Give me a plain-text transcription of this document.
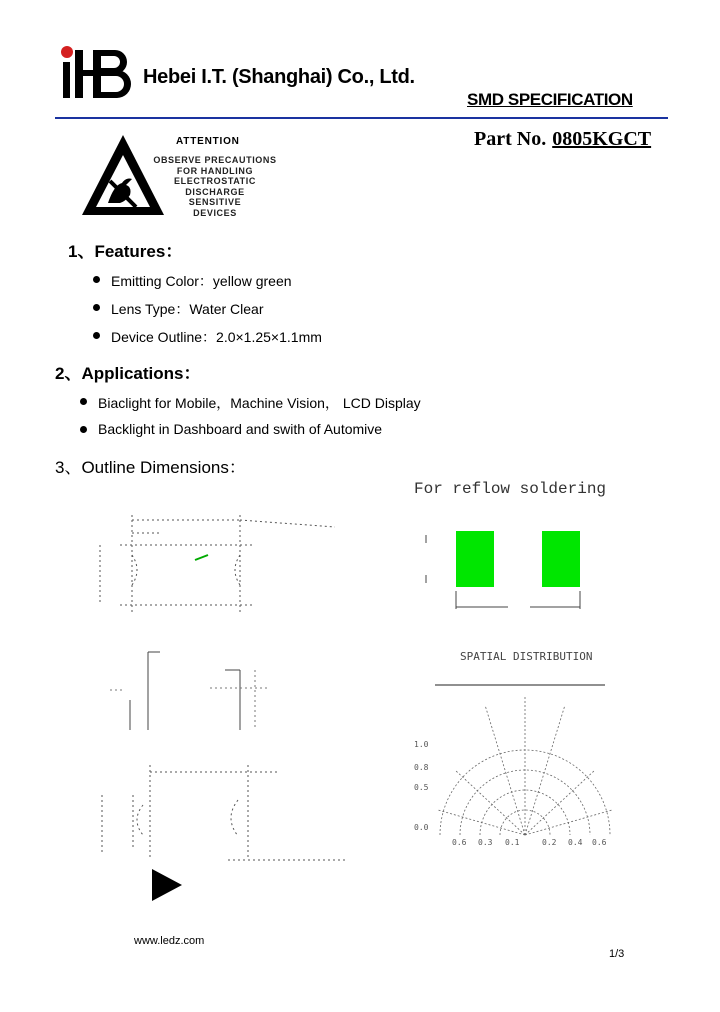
Hebei I.T. (Shanghai) Co., Ltd.
SMD SPECIFICATION
Part No. 0805KGCT
ATTENTION
OBSERVE PRECAUTIONS
FOR HANDLING
ELECTROSTATIC
DISCHARGE
SENSITIVE
DEVICES
1、Features：
Emitting Color：yellow green
Lens Type：Water Clear
Device Outline：2.0×1.25×1.1mm
2、Applications：
Biaclight for Mobile，Machine Vision， LCD Display
Backlight in Dashboard and swith of Automive
3、Outline Dimensions：
For reflow soldering
SPATIAL DISTRIBUTION
1.0
0.8
0.5
0.0
0.6 0.3 0.1	0.2 0.4 0.6
www.ledz.com
1/3
